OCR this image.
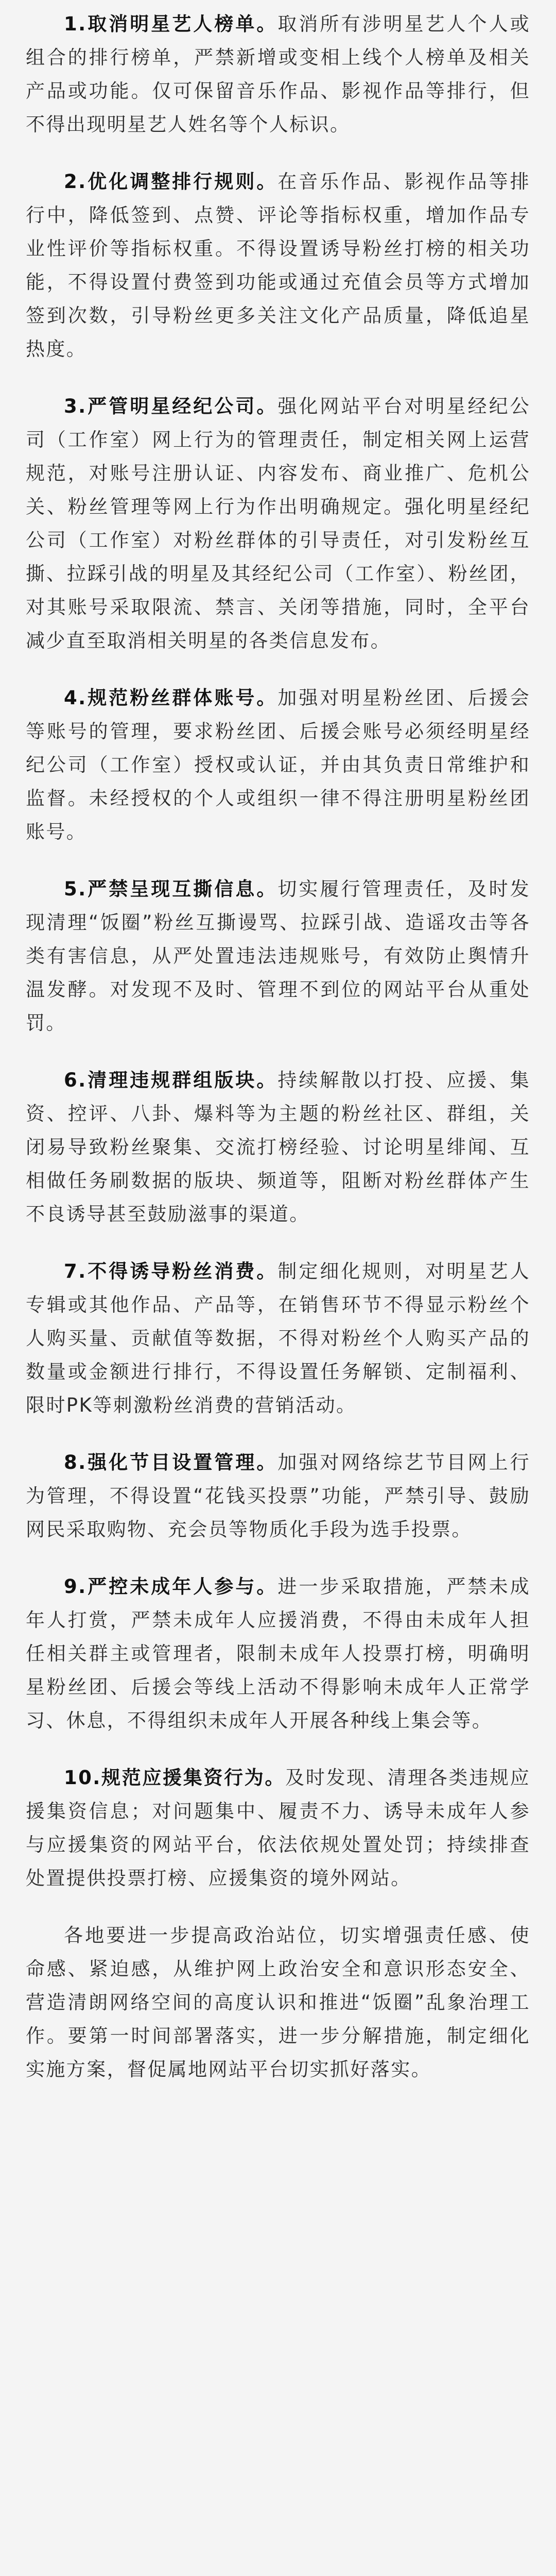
1.取消明星艺人榜单。取消所有涉明星艺人个人或组合的排行榜单，严禁新增或变相上线个人榜单及相关产品或功能。仅可保留音乐作品、影视作品等排行，但不得出现明星艺人姓名等个人标识。

2.优化调整排行规则。在音乐作品、影视作品等排行中，降低签到、点赞、评论等指标权重，增加作品专业性评价等指标权重。不得设置诱导粉丝打榜的相关功能，不得设置付费签到功能或通过充值会员等方式增加签到次数，引导粉丝更多关注文化产品质量，降低追星热度。

3.严管明星经纪公司。强化网站平台对明星经纪公司（工作室）网上行为的管理责任，制定相关网上运营规范，对账号注册认证、内容发布、商业推广、危机公关、粉丝管理等网上行为作出明确规定。强化明星经纪公司（工作室）对粉丝群体的引导责任，对引发粉丝互撕、拉踩引战的明星及其经纪公司（工作室）、粉丝团，对其账号采取限流、禁言、关闭等措施，同时，全平台减少直至取消相关明星的各类信息发布。

4.规范粉丝群体账号。加强对明星粉丝团、后援会等账号的管理，要求粉丝团、后援会账号必须经明星经纪公司（工作室）授权或认证，并由其负责日常维护和监督。未经授权的个人或组织一律不得注册明星粉丝团账号。

5.严禁呈现互撕信息。切实履行管理责任，及时发现清理“饭圈”粉丝互撕谩骂、拉踩引战、造谣攻击等各类有害信息，从严处置违法违规账号，有效防止舆情升温发酵。对发现不及时、管理不到位的网站平台从重处罚。

6.清理违规群组版块。持续解散以打投、应援、集资、控评、八卦、爆料等为主题的粉丝社区、群组，关闭易导致粉丝聚集、交流打榜经验、讨论明星绯闻、互相做任务刷数据的版块、频道等，阻断对粉丝群体产生不良诱导甚至鼓励滋事的渠道。

7.不得诱导粉丝消费。制定细化规则，对明星艺人专辑或其他作品、产品等，在销售环节不得显示粉丝个人购买量、贡献值等数据，不得对粉丝个人购买产品的数量或金额进行排行，不得设置任务解锁、定制福利、限时PK等刺激粉丝消费的营销活动。

8.强化节目设置管理。加强对网络综艺节目网上行为管理，不得设置“花钱买投票”功能，严禁引导、鼓励网民采取购物、充会员等物质化手段为选手投票。

9.严控未成年人参与。进一步采取措施，严禁未成年人打赏，严禁未成年人应援消费，不得由未成年人担任相关群主或管理者，限制未成年人投票打榜，明确明星粉丝团、后援会等线上活动不得影响未成年人正常学习、休息，不得组织未成年人开展各种线上集会等。

10.规范应援集资行为。及时发现、清理各类违规应援集资信息；对问题集中、履责不力、诱导未成年人参与应援集资的网站平台，依法依规处置处罚；持续排查处置提供投票打榜、应援集资的境外网站。

各地要进一步提高政治站位，切实增强责任感、使命感、紧迫感，从维护网上政治安全和意识形态安全、营造清朗网络空间的高度认识和推进“饭圈”乱象治理工作。要第一时间部署落实，进一步分解措施，制定细化实施方案，督促属地网站平台切实抓好落实。
